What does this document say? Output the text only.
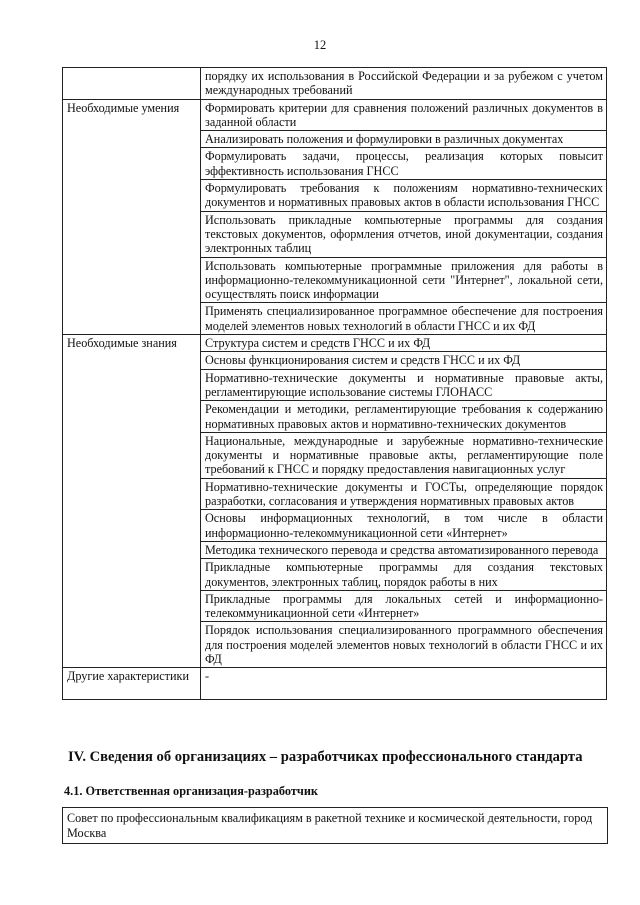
12
	порядку их использования в Российской Федерации и за рубежом с учетом международных требований
Необходимые умения	Формировать критерии для сравнения положений различных документов в заданной области
	Анализировать положения и формулировки в различных документах
	Формулировать задачи, процессы, реализация которых повысит эффективность использования ГНСС
	Формулировать требования к положениям нормативно-технических документов и нормативных правовых актов в области использования ГНСС
	Использовать прикладные компьютерные программы для создания текстовых документов, оформления отчетов, иной документации, создания электронных таблиц
	Использовать компьютерные программные приложения для работы в информационно-телекоммуникационной сети "Интернет", локальной сети, осуществлять поиск информации
	Применять специализированное программное обеспечение для построения моделей элементов новых технологий в области ГНСС и их ФД
Необходимые знания	Структура систем и средств ГНСС и их ФД
	Основы функционирования систем и средств ГНСС и их ФД
	Нормативно-технические документы и нормативные правовые акты, регламентирующие использование системы ГЛОНАСС
	Рекомендации и методики, регламентирующие требования к содержанию нормативных правовых актов и нормативно-технических документов
	Национальные, международные и зарубежные нормативно-технические документы и нормативные правовые акты, регламентирующие поле требований к ГНСС и порядку предоставления навигационных услуг
	Нормативно-технические документы и ГОСТы, определяющие порядок разработки, согласования и утверждения нормативных правовых актов
	Основы информационных технологий, в том числе в области информационно-телекоммуникационной сети «Интернет»
	Методика технического перевода и средства автоматизированного перевода
	Прикладные компьютерные программы для создания текстовых документов, электронных таблиц, порядок работы в них
	Прикладные программы для локальных сетей и информационно-телекоммуникационной сети «Интернет»
	Порядок использования специализированного программного обеспечения для построения моделей элементов новых технологий в области ГНСС и их ФД
Другие характеристики	-
IV. Сведения об организациях – разработчиках профессионального стандарта
4.1. Ответственная организация-разработчик
Совет по профессиональным квалификациям в ракетной технике и космической деятельности, город Москва
